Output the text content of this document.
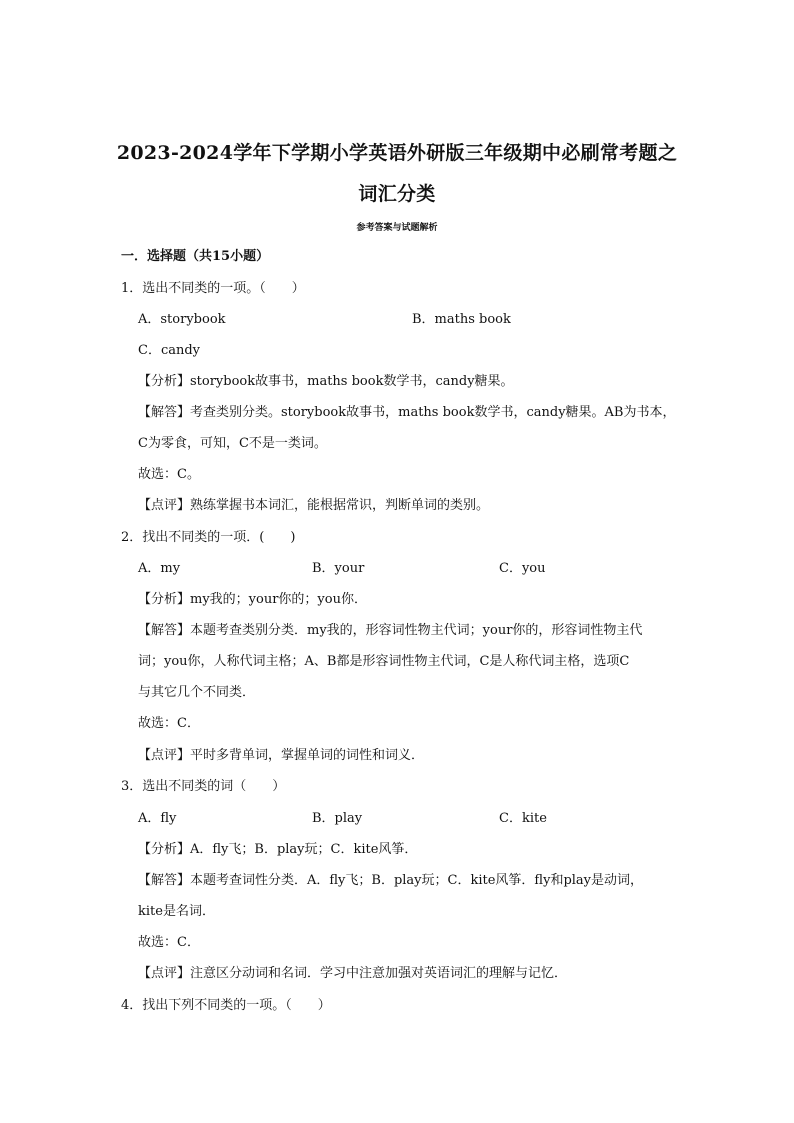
2023-2024学年下学期小学英语外研版三年级期中必刷常考题之
词汇分类
参考答案与试题解析
一．选择题（共15小题）
1．选出不同类的一项。（　　）
A．storybook	B．maths book
C．candy
【分析】storybook故事书，maths book数学书，candy糖果。
【解答】考查类别分类。storybook故事书，maths book数学书，candy糖果。AB为书本，
C为零食，可知，C不是一类词。
故选：C。
【点评】熟练掌握书本词汇，能根据常识，判断单词的类别。
2．找出不同类的一项．(　　)
A．my	B．your	C．you
【分析】my我的；your你的；you你．
【解答】本题考查类别分类．my我的，形容词性物主代词；your你的，形容词性物主代
词；you你，人称代词主格；A、B都是形容词性物主代词，C是人称代词主格，选项C
与其它几个不同类．
故选：C．
【点评】平时多背单词，掌握单词的词性和词义．
3．选出不同类的词（　　）
A．fly	B．play	C．kite
【分析】A．fly飞；B．play玩；C．kite风筝．
【解答】本题考查词性分类．A．fly飞；B．play玩；C．kite风筝．fly和play是动词，
kite是名词．
故选：C．
【点评】注意区分动词和名词．学习中注意加强对英语词汇的理解与记忆．
4．找出下列不同类的一项。（　　）
